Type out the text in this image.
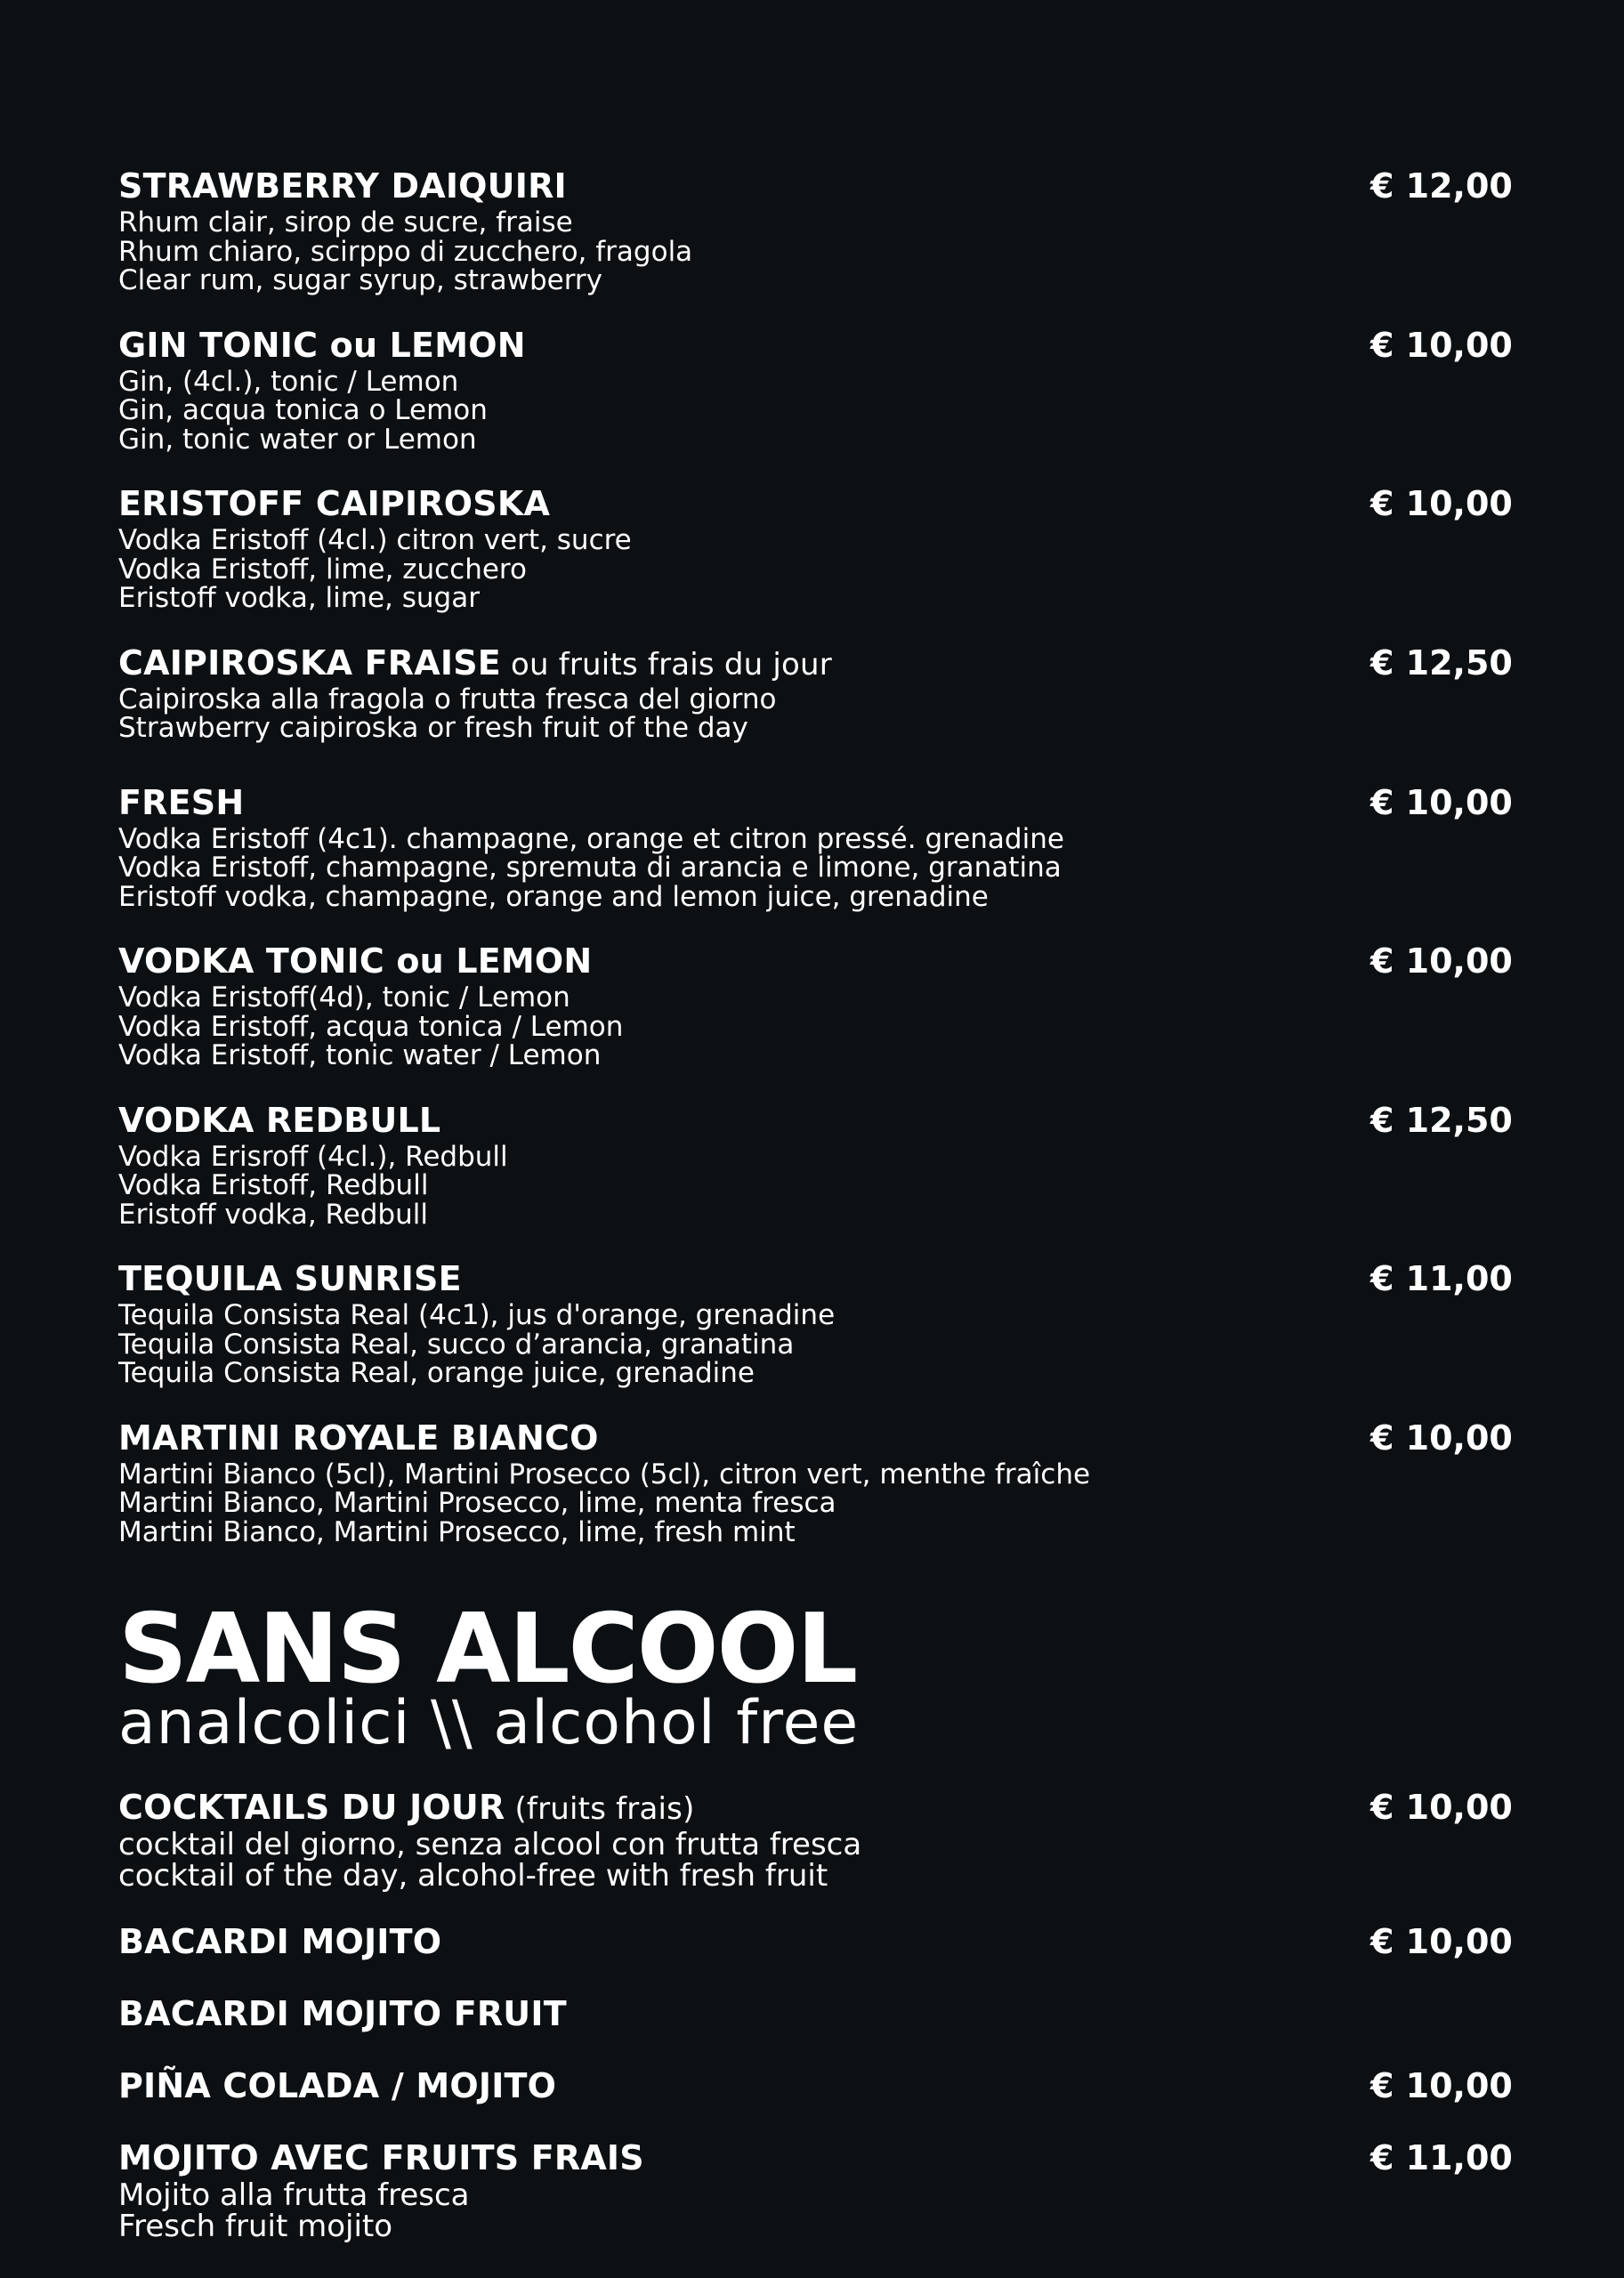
STRAWBERRY DAIQUIRI	€ 12,00
Rhum clair, sirop de sucre, fraise
Rhum chiaro, scirppo di zucchero, fragola
Clear rum, sugar syrup, strawberry
GIN TONIC ou LEMON	€ 10,00
Gin, (4cl.), tonic / Lemon
Gin, acqua tonica o Lemon
Gin, tonic water or Lemon
ERISTOFF CAIPIROSKA	€ 10,00
Vodka Eristoff (4cl.) citron vert, sucre
Vodka Eristoff, lime, zucchero
Eristoff vodka, lime, sugar
CAIPIROSKA FRAISE ou fruits frais du jour	€ 12,50
Caipiroska alla fragola o frutta fresca del giorno
Strawberry caipiroska or fresh fruit of the day
FRESH	€ 10,00
Vodka Eristoff (4c1). champagne, orange et citron pressé. grenadine
Vodka Eristoff, champagne, spremuta di arancia e limone, granatina
Eristoff vodka, champagne, orange and lemon juice, grenadine
VODKA TONIC ou LEMON	€ 10,00
Vodka Eristoff(4d), tonic / Lemon
Vodka Eristoff, acqua tonica / Lemon
Vodka Eristoff, tonic water / Lemon
VODKA REDBULL	€ 12,50
Vodka Erisroff (4cl.), Redbull
Vodka Eristoff, Redbull
Eristoff vodka, Redbull
TEQUILA SUNRISE	€ 11,00
Tequila Consista Real (4c1), jus d'orange, grenadine
Tequila Consista Real, succo d’arancia, granatina
Tequila Consista Real, orange juice, grenadine
MARTINI ROYALE BIANCO	€ 10,00
Martini Bianco (5cl), Martini Prosecco (5cl), citron vert, menthe fraîche
Martini Bianco, Martini Prosecco, lime, menta fresca
Martini Bianco, Martini Prosecco, lime, fresh mint
SANS ALCOOL
analcolici \\ alcohol free
COCKTAILS DU JOUR (fruits frais)	€ 10,00
cocktail del giorno, senza alcool con frutta fresca
cocktail of the day, alcohol-free with fresh fruit
BACARDI MOJITO	€ 10,00
BACARDI MOJITO FRUIT
PIÑA COLADA / MOJITO	€ 10,00
MOJITO AVEC FRUITS FRAIS	€ 11,00
Mojito alla frutta fresca
Fresch fruit mojito
